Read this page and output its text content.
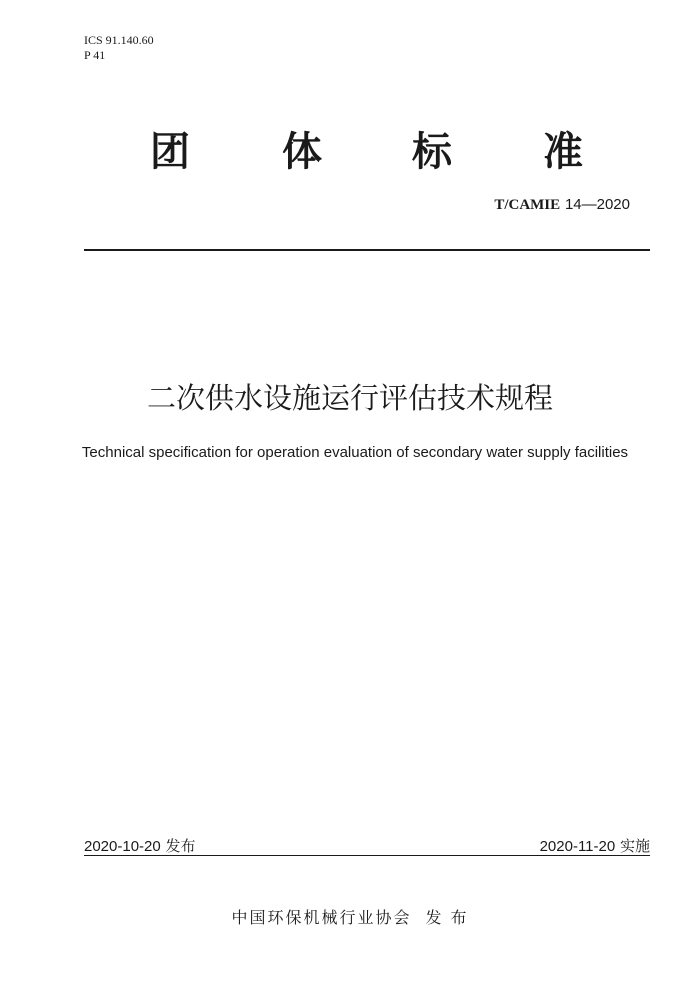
ICS 91.140.60
P 41
团 体 标 准
T/CAMIE 14—2020
二次供水设施运行评估技术规程
Technical specification for operation evaluation of secondary water supply facilities
2020-10-20 发布	2020-11-20 实施
中国环保机械行业协会 发 布
